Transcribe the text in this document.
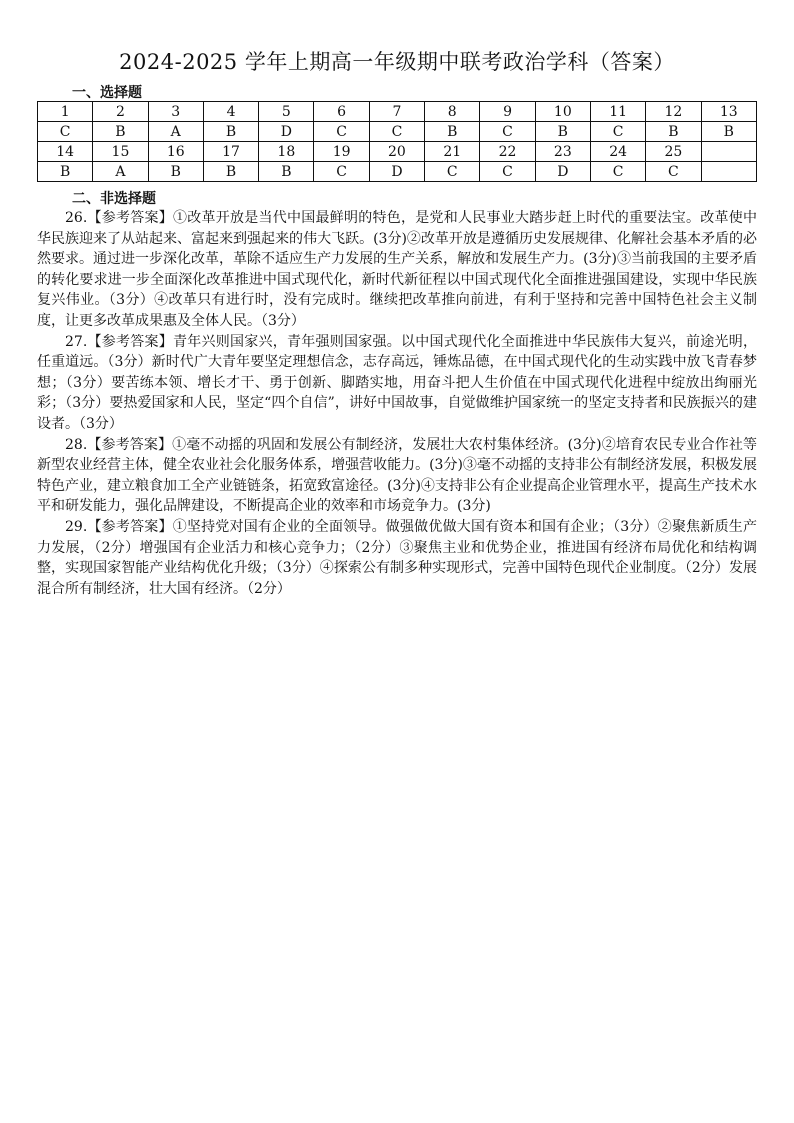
2024-2025 学年上期高一年级期中联考政治学科（答案）
一、选择题
1	2	3	4	5	6	7	8	9	10	11	12	13
C	B	A	B	D	C	C	B	C	B	C	B	B
14	15	16	17	18	19	20	21	22	23	24	25	
B	A	B	B	B	C	D	C	C	D	C	C	
二、非选择题

26.【参考答案】①改革开放是当代中国最鲜明的特色，是党和人民事业大踏步赶上时代的重要法宝。改革使中华民族迎来了从站起来、富起来到强起来的伟大飞跃。(3分)②改革开放是遵循历史发展规律、化解社会基本矛盾的必然要求。通过进一步深化改革，革除不适应生产力发展的生产关系，解放和发展生产力。(3分)③当前我国的主要矛盾的转化要求进一步全面深化改革推进中国式现代化，新时代新征程以中国式现代化全面推进强国建设，实现中华民族复兴伟业。（3分）④改革只有进行时，没有完成时。继续把改革推向前进，有利于坚持和完善中国特色社会主义制度，让更多改革成果惠及全体人民。（3分）

27.【参考答案】青年兴则国家兴，青年强则国家强。以中国式现代化全面推进中华民族伟大复兴，前途光明，任重道远。（3分）新时代广大青年要坚定理想信念，志存高远，锤炼品德，在中国式现代化的生动实践中放飞青春梦想；（3分）要苦练本领、增长才干、勇于创新、脚踏实地，用奋斗把人生价值在中国式现代化进程中绽放出绚丽光彩；（3分）要热爱国家和人民，坚定“四个自信”，讲好中国故事，自觉做维护国家统一的坚定支持者和民族振兴的建设者。（3分）

28.【参考答案】①毫不动摇的巩固和发展公有制经济，发展壮大农村集体经济。(3分)②培育农民专业合作社等新型农业经营主体，健全农业社会化服务体系，增强营收能力。(3分)③毫不动摇的支持非公有制经济发展，积极发展特色产业，建立粮食加工全产业链链条，拓宽致富途径。(3分)④支持非公有企业提高企业管理水平，提高生产技术水平和研发能力，强化品牌建设，不断提高企业的效率和市场竞争力。(3分)

29.【参考答案】①坚持党对国有企业的全面领导。做强做优做大国有资本和国有企业；（3分）②聚焦新质生产力发展，（2分）增强国有企业活力和核心竞争力；（2分）③聚焦主业和优势企业，推进国有经济布局优化和结构调整，实现国家智能产业结构优化升级；（3分）④探索公有制多种实现形式，完善中国特色现代企业制度。（2分）发展混合所有制经济，壮大国有经济。（2分）
